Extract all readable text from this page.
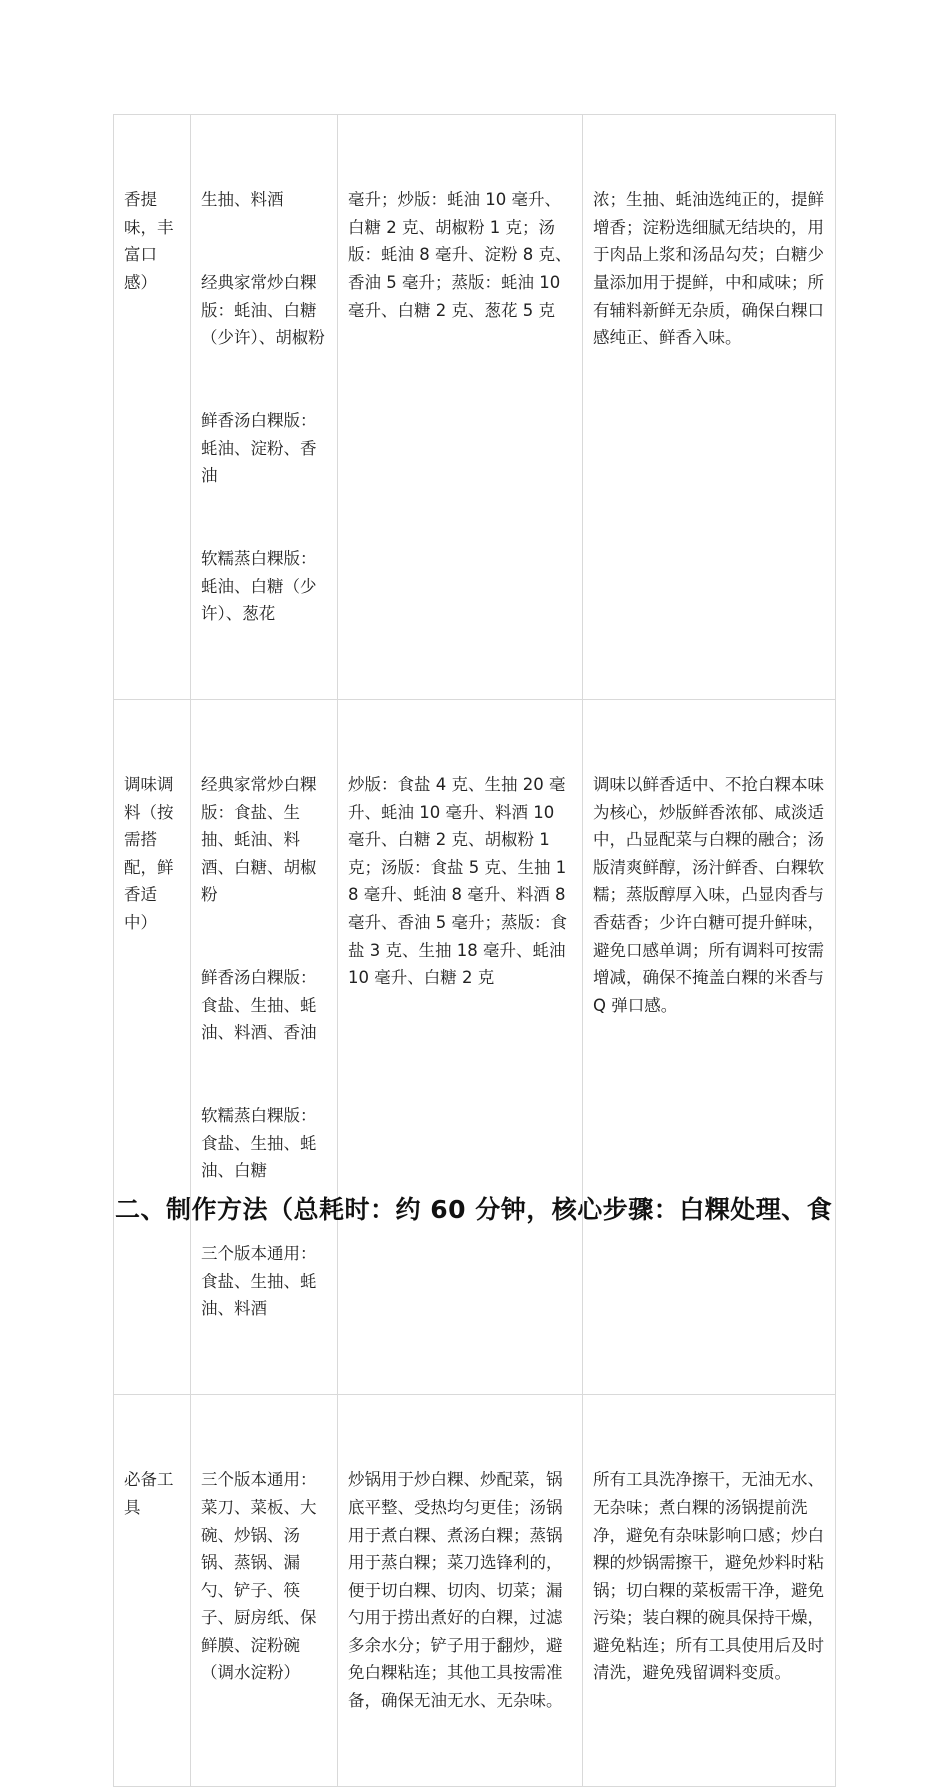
香提味，丰富口感）	生抽、料酒

经典家常炒白粿版：蚝油、白糖（少许）、胡椒粉

鲜香汤白粿版：蚝油、淀粉、香油

软糯蒸白粿版：蚝油、白糖（少许）、葱花	毫升；炒版：蚝油 10 毫升、白糖 2 克、胡椒粉 1 克；汤版：蚝油 8 毫升、淀粉 8 克、香油 5 毫升；蒸版：蚝油 10 毫升、白糖 2 克、葱花 5 克	浓；生抽、蚝油选纯正的，提鲜增香；淀粉选细腻无结块的，用于肉品上浆和汤品勾芡；白糖少量添加用于提鲜，中和咸味；所有辅料新鲜无杂质，确保白粿口感纯正、鲜香入味。

调味调料（按需搭配，鲜香适中）	经典家常炒白粿版：食盐、生抽、蚝油、料酒、白糖、胡椒粉

鲜香汤白粿版：食盐、生抽、蚝油、料酒、香油

软糯蒸白粿版：食盐、生抽、蚝油、白糖

三个版本通用：食盐、生抽、蚝油、料酒	炒版：食盐 4 克、生抽 20 毫升、蚝油 10 毫升、料酒 10 毫升、白糖 2 克、胡椒粉 1 克；汤版：食盐 5 克、生抽 18 毫升、蚝油 8 毫升、料酒 8 毫升、香油 5 毫升；蒸版：食盐 3 克、生抽 18 毫升、蚝油 10 毫升、白糖 2 克	调味以鲜香适中、不抢白粿本味为核心，炒版鲜香浓郁、咸淡适中，凸显配菜与白粿的融合；汤版清爽鲜醇，汤汁鲜香、白粿软糯；蒸版醇厚入味，凸显肉香与香菇香；少许白糖可提升鲜味，避免口感单调；所有调料可按需增减，确保不掩盖白粿的米香与 Q 弹口感。

必备工具	三个版本通用：菜刀、菜板、大碗、炒锅、汤锅、蒸锅、漏勺、铲子、筷子、厨房纸、保鲜膜、淀粉碗（调水淀粉）	炒锅用于炒白粿、炒配菜，锅底平整、受热均匀更佳；汤锅用于煮白粿、煮汤白粿；蒸锅用于蒸白粿；菜刀选锋利的，便于切白粿、切肉、切菜；漏勺用于捞出煮好的白粿，过滤多余水分；铲子用于翻炒，避免白粿粘连；其他工具按需准备，确保无油无水、无杂味。	所有工具洗净擦干，无油无水、无杂味；煮白粿的汤锅提前洗净，避免有杂味影响口感；炒白粿的炒锅需擦干，避免炒料时粘锅；切白粿的菜板需干净，避免污染；装白粿的碗具保持干燥，避免粘连；所有工具使用后及时清洗，避免残留调料变质。

二、制作方法（总耗时：约 60 分钟，核心步骤：白粿处理、食
